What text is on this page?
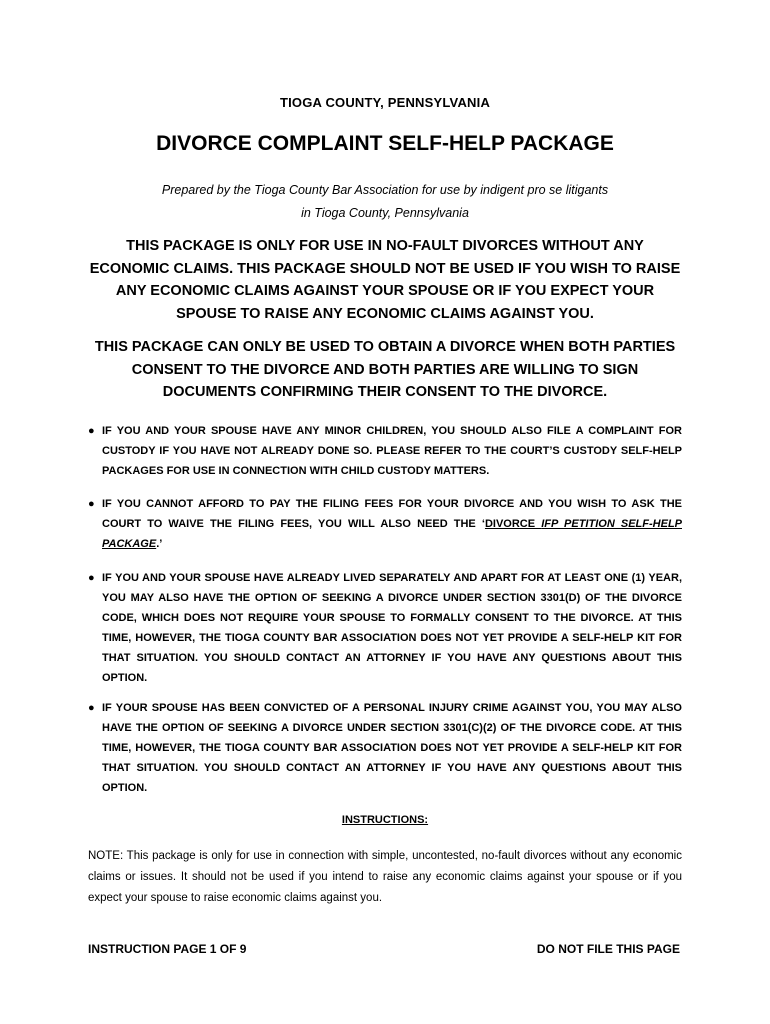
TIOGA COUNTY, PENNSYLVANIA
DIVORCE COMPLAINT SELF-HELP PACKAGE
Prepared by the Tioga County Bar Association for use by indigent pro se litigants
in Tioga County, Pennsylvania
THIS PACKAGE IS ONLY FOR USE IN NO-FAULT DIVORCES WITHOUT ANY ECONOMIC CLAIMS. THIS PACKAGE SHOULD NOT BE USED IF YOU WISH TO RAISE ANY ECONOMIC CLAIMS AGAINST YOUR SPOUSE OR IF YOU EXPECT YOUR SPOUSE TO RAISE ANY ECONOMIC CLAIMS AGAINST YOU.
THIS PACKAGE CAN ONLY BE USED TO OBTAIN A DIVORCE WHEN BOTH PARTIES CONSENT TO THE DIVORCE AND BOTH PARTIES ARE WILLING TO SIGN DOCUMENTS CONFIRMING THEIR CONSENT TO THE DIVORCE.
● IF YOU AND YOUR SPOUSE HAVE ANY MINOR CHILDREN, YOU SHOULD ALSO FILE A COMPLAINT FOR CUSTODY IF YOU HAVE NOT ALREADY DONE SO. PLEASE REFER TO THE COURT’S CUSTODY SELF-HELP PACKAGES FOR USE IN CONNECTION WITH CHILD CUSTODY MATTERS.
● IF YOU CANNOT AFFORD TO PAY THE FILING FEES FOR YOUR DIVORCE AND YOU WISH TO ASK THE COURT TO WAIVE THE FILING FEES, YOU WILL ALSO NEED THE ‘DIVORCE IFP PETITION SELF-HELP PACKAGE.’
● IF YOU AND YOUR SPOUSE HAVE ALREADY LIVED SEPARATELY AND APART FOR AT LEAST ONE (1) YEAR, YOU MAY ALSO HAVE THE OPTION OF SEEKING A DIVORCE UNDER SECTION 3301(D) OF THE DIVORCE CODE, WHICH DOES NOT REQUIRE YOUR SPOUSE TO FORMALLY CONSENT TO THE DIVORCE. AT THIS TIME, HOWEVER, THE TIOGA COUNTY BAR ASSOCIATION DOES NOT YET PROVIDE A SELF-HELP KIT FOR THAT SITUATION. YOU SHOULD CONTACT AN ATTORNEY IF YOU HAVE ANY QUESTIONS ABOUT THIS OPTION.
● IF YOUR SPOUSE HAS BEEN CONVICTED OF A PERSONAL INJURY CRIME AGAINST YOU, YOU MAY ALSO HAVE THE OPTION OF SEEKING A DIVORCE UNDER SECTION 3301(C)(2) OF THE DIVORCE CODE. AT THIS TIME, HOWEVER, THE TIOGA COUNTY BAR ASSOCIATION DOES NOT YET PROVIDE A SELF-HELP KIT FOR THAT SITUATION. YOU SHOULD CONTACT AN ATTORNEY IF YOU HAVE ANY QUESTIONS ABOUT THIS OPTION.
INSTRUCTIONS:
NOTE: This package is only for use in connection with simple, uncontested, no-fault divorces without any economic claims or issues. It should not be used if you intend to raise any economic claims against your spouse or if you expect your spouse to raise economic claims against you.
INSTRUCTION PAGE 1 OF 9	DO NOT FILE THIS PAGE
